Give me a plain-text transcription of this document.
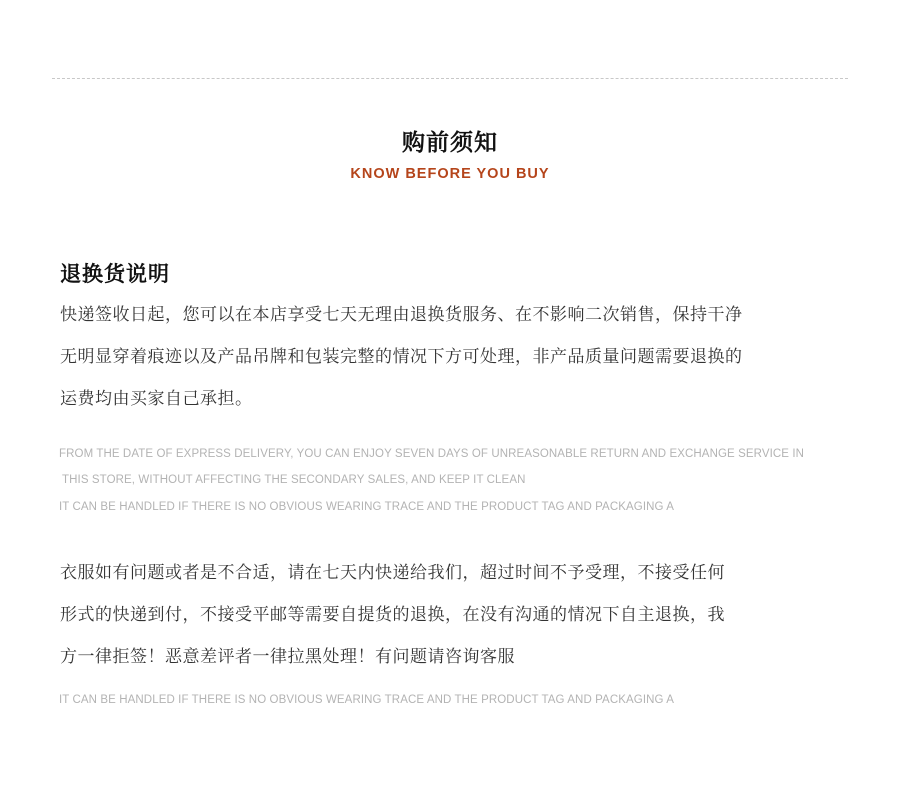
购前须知
KNOW BEFORE YOU BUY
退换货说明
快递签收日起，您可以在本店享受七天无理由退换货服务、在不影响二次销售，保持干净
无明显穿着痕迹以及产品吊牌和包装完整的情况下方可处理，非产品质量问题需要退换的
运费均由买家自己承担。
FROM THE DATE OF EXPRESS DELIVERY, YOU CAN ENJOY SEVEN DAYS OF UNREASONABLE RETURN AND EXCHANGE SERVICE IN
THIS STORE, WITHOUT AFFECTING THE SECONDARY SALES, AND KEEP IT CLEAN
IT CAN BE HANDLED IF THERE IS NO OBVIOUS WEARING TRACE AND THE PRODUCT TAG AND PACKAGING A
衣服如有问题或者是不合适，请在七天内快递给我们，超过时间不予受理，不接受任何
形式的快递到付，不接受平邮等需要自提货的退换，在没有沟通的情况下自主退换，我
方一律拒签！恶意差评者一律拉黑处理！有问题请咨询客服
IT CAN BE HANDLED IF THERE IS NO OBVIOUS WEARING TRACE AND THE PRODUCT TAG AND PACKAGING A
